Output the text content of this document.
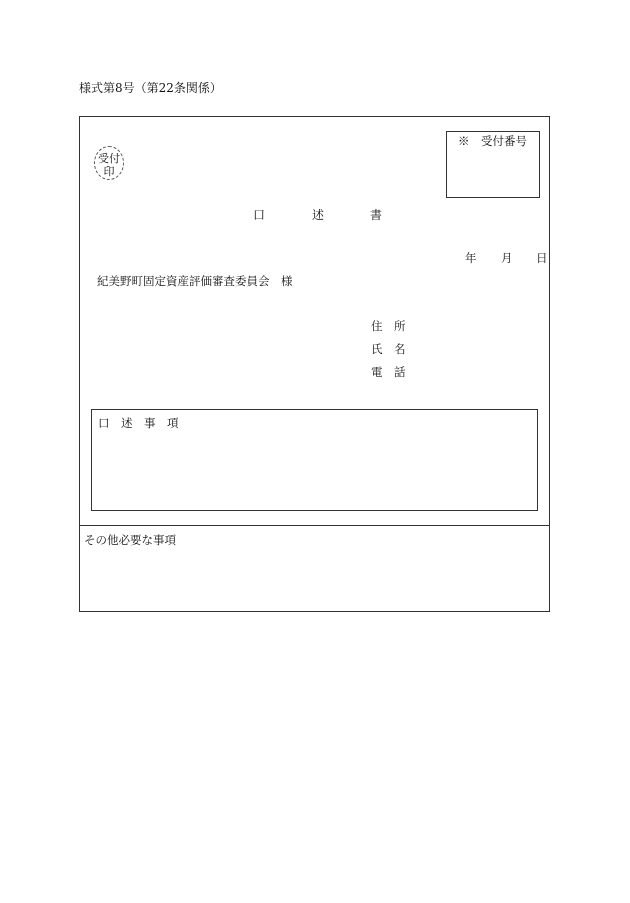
様式第8号（第22条関係）
受付
印
※　受付番号
口	述	書
年 月 日
紀美野町固定資産評価審査委員会　様
住　所
氏　名
電　話
口　述　事　項
その他必要な事項
